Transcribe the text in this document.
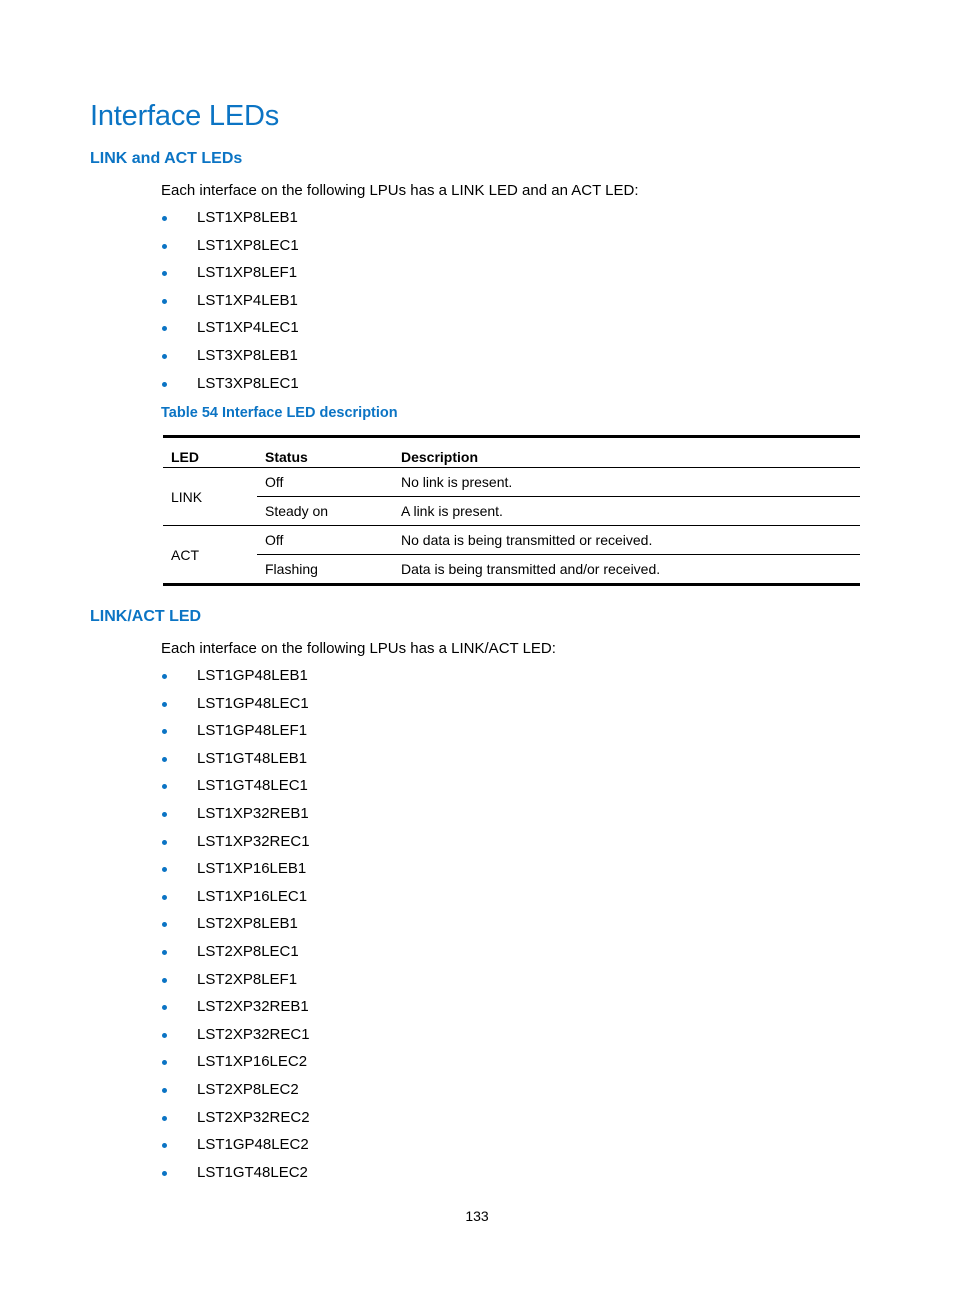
Interface LEDs
LINK and ACT LEDs

Each interface on the following LPUs has a LINK LED and an ACT LED:

LST1XP8LEB1
LST1XP8LEC1
LST1XP8LEF1
LST1XP4LEB1
LST1XP4LEC1
LST3XP8LEB1
LST3XP8LEC1

Table 54 Interface LED description

LED	Status	Description
LINK	Off	No link is present.
	Steady on	A link is present.
ACT	Off	No data is being transmitted or received.
	Flashing	Data is being transmitted and/or received.
LINK/ACT LED

Each interface on the following LPUs has a LINK/ACT LED:

LST1GP48LEB1
LST1GP48LEC1
LST1GP48LEF1
LST1GT48LEB1
LST1GT48LEC1
LST1XP32REB1
LST1XP32REC1
LST1XP16LEB1
LST1XP16LEC1
LST2XP8LEB1
LST2XP8LEC1
LST2XP8LEF1
LST2XP32REB1
LST2XP32REC1
LST1XP16LEC2
LST2XP8LEC2
LST2XP32REC2
LST1GP48LEC2
LST1GT48LEC2

133
